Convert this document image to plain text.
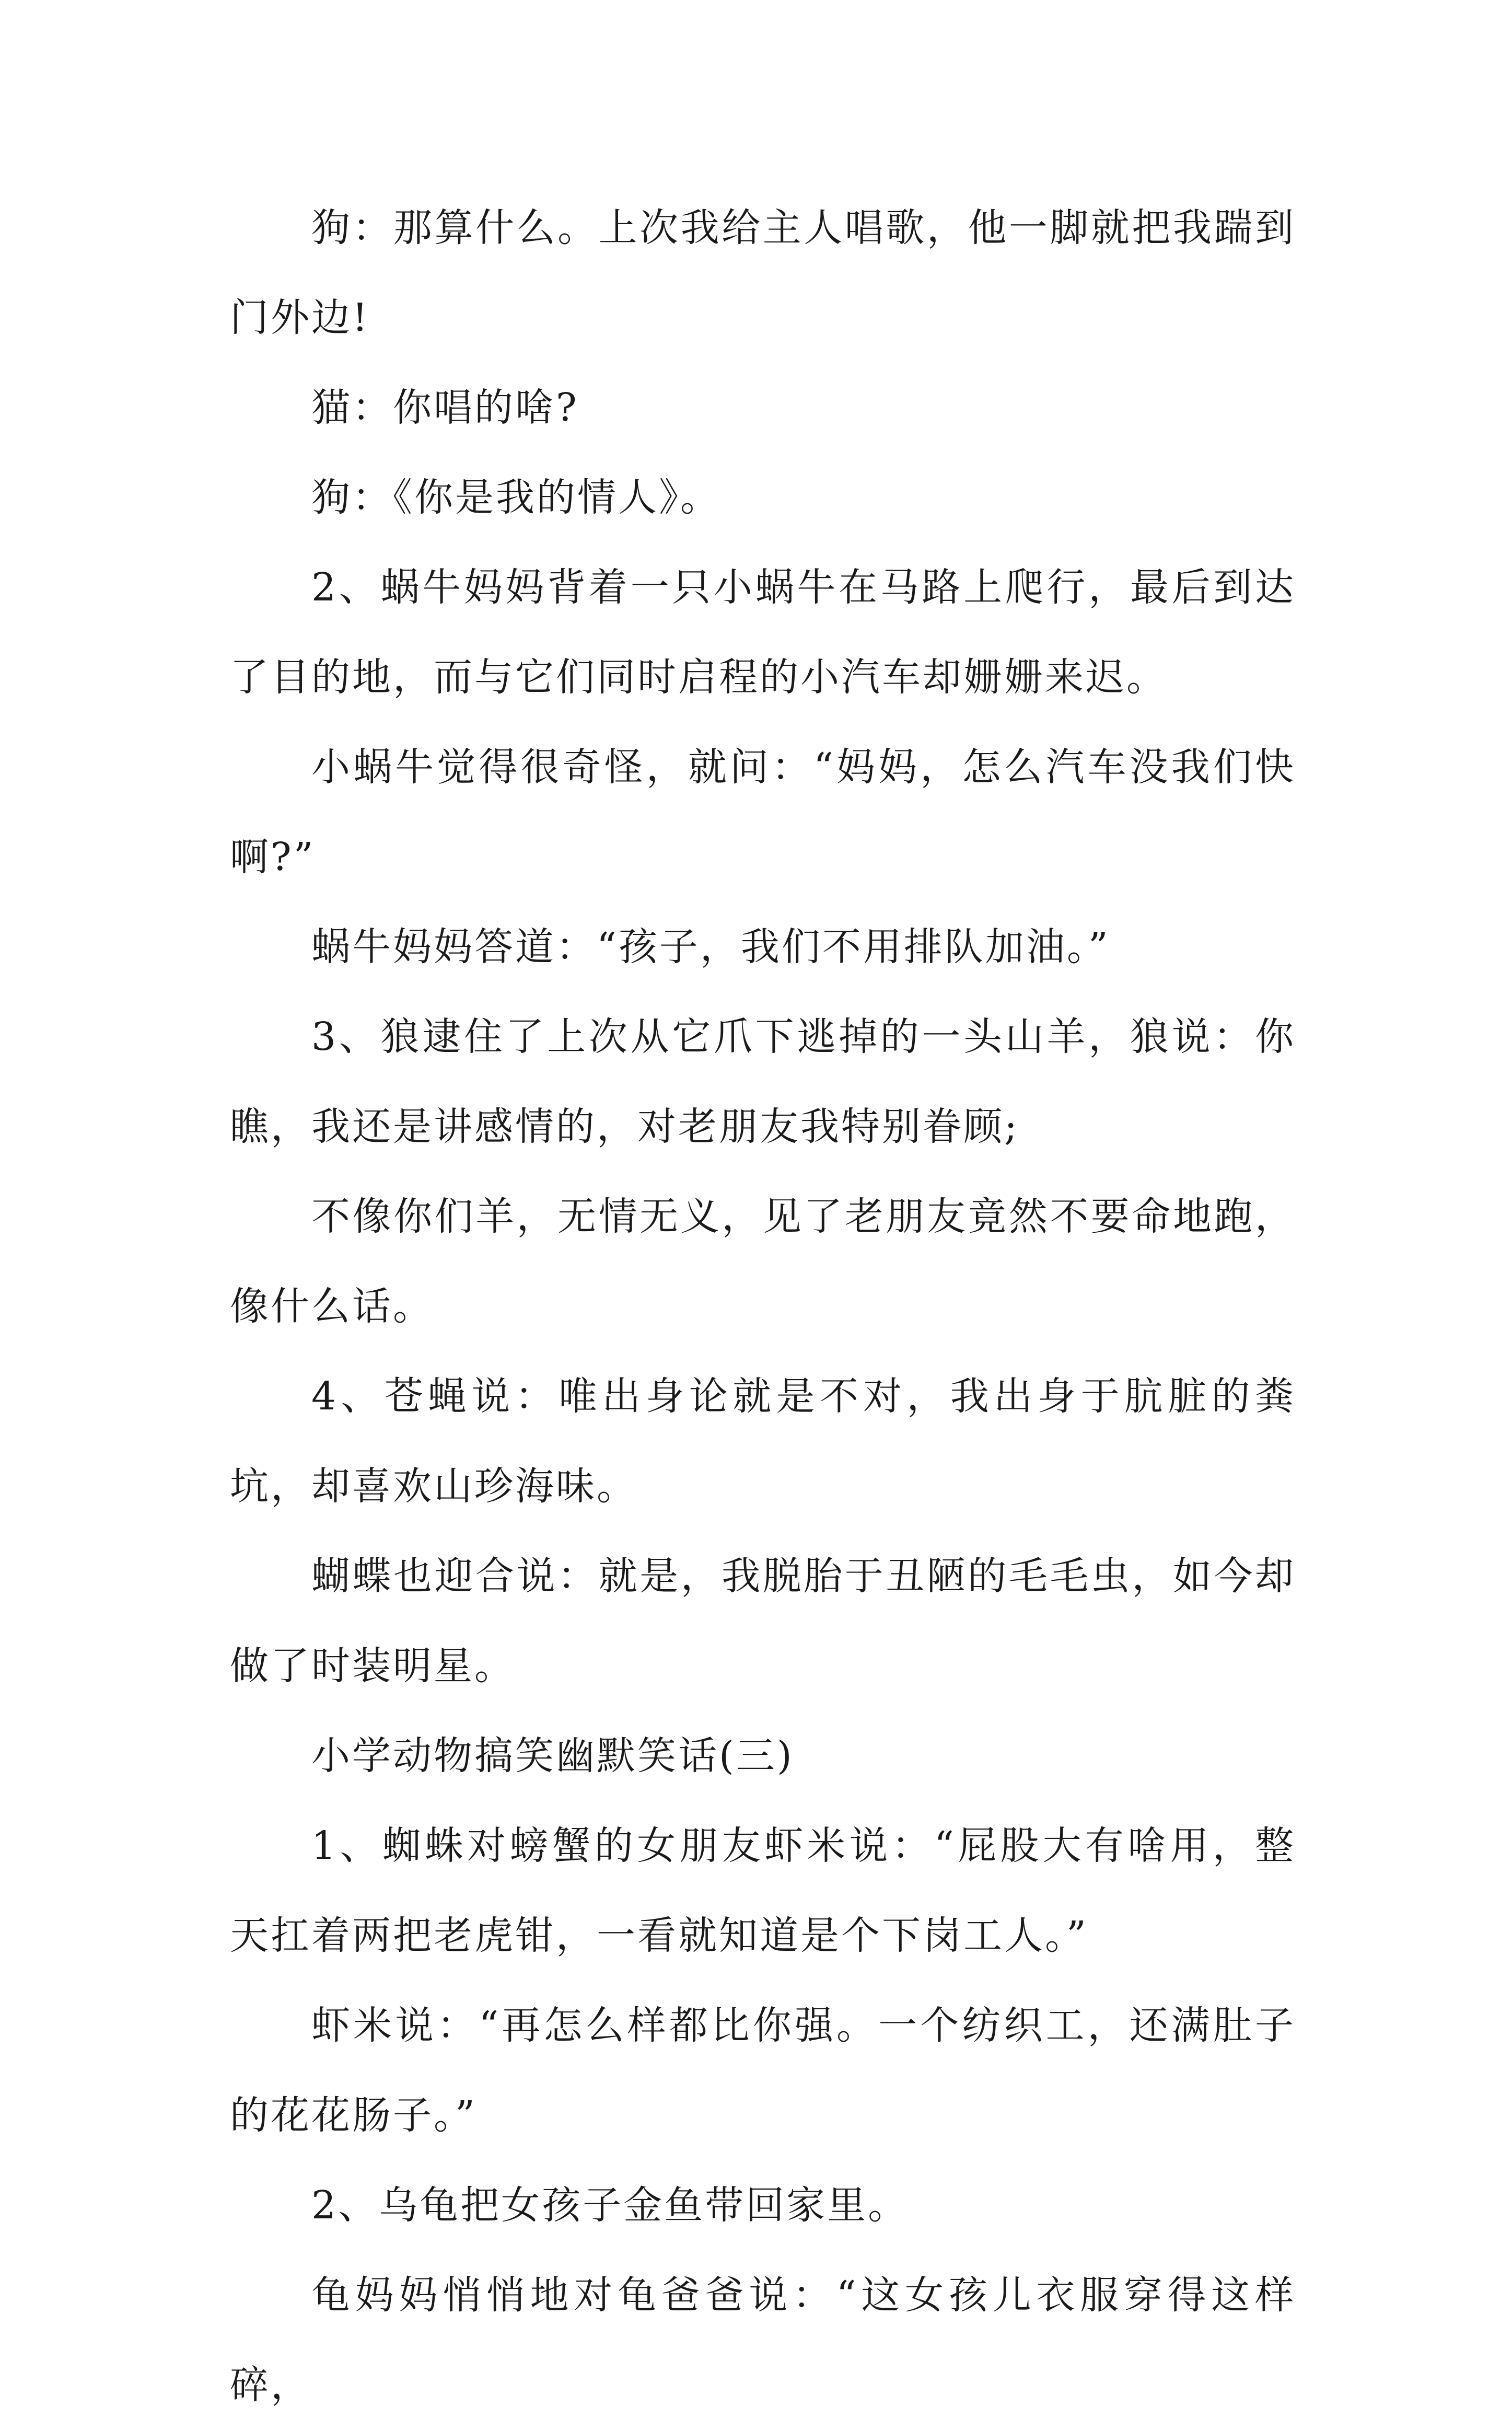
狗：那算什么。上次我给主人唱歌，他一脚就把我踹到门外边!

猫：你唱的啥?

狗：《你是我的情人》。

2、蜗牛妈妈背着一只小蜗牛在马路上爬行，最后到达了目的地，而与它们同时启程的小汽车却姗姗来迟。

小蜗牛觉得很奇怪，就问：“妈妈，怎么汽车没我们快啊?”

蜗牛妈妈答道：“孩子，我们不用排队加油。”

3、狼逮住了上次从它爪下逃掉的一头山羊，狼说：你瞧，我还是讲感情的，对老朋友我特别眷顾;

不像你们羊，无情无义，见了老朋友竟然不要命地跑，像什么话。

4、苍蝇说：唯出身论就是不对，我出身于肮脏的粪坑，却喜欢山珍海味。

蝴蝶也迎合说：就是，我脱胎于丑陋的毛毛虫，如今却做了时装明星。

小学动物搞笑幽默笑话(三)

1、蜘蛛对螃蟹的女朋友虾米说：“屁股大有啥用，整天扛着两把老虎钳，一看就知道是个下岗工人。”

虾米说：“再怎么样都比你强。一个纺织工，还满肚子的花花肠子。”

2、乌龟把女孩子金鱼带回家里。

龟妈妈悄悄地对龟爸爸说：“这女孩儿衣服穿得这样碎，
